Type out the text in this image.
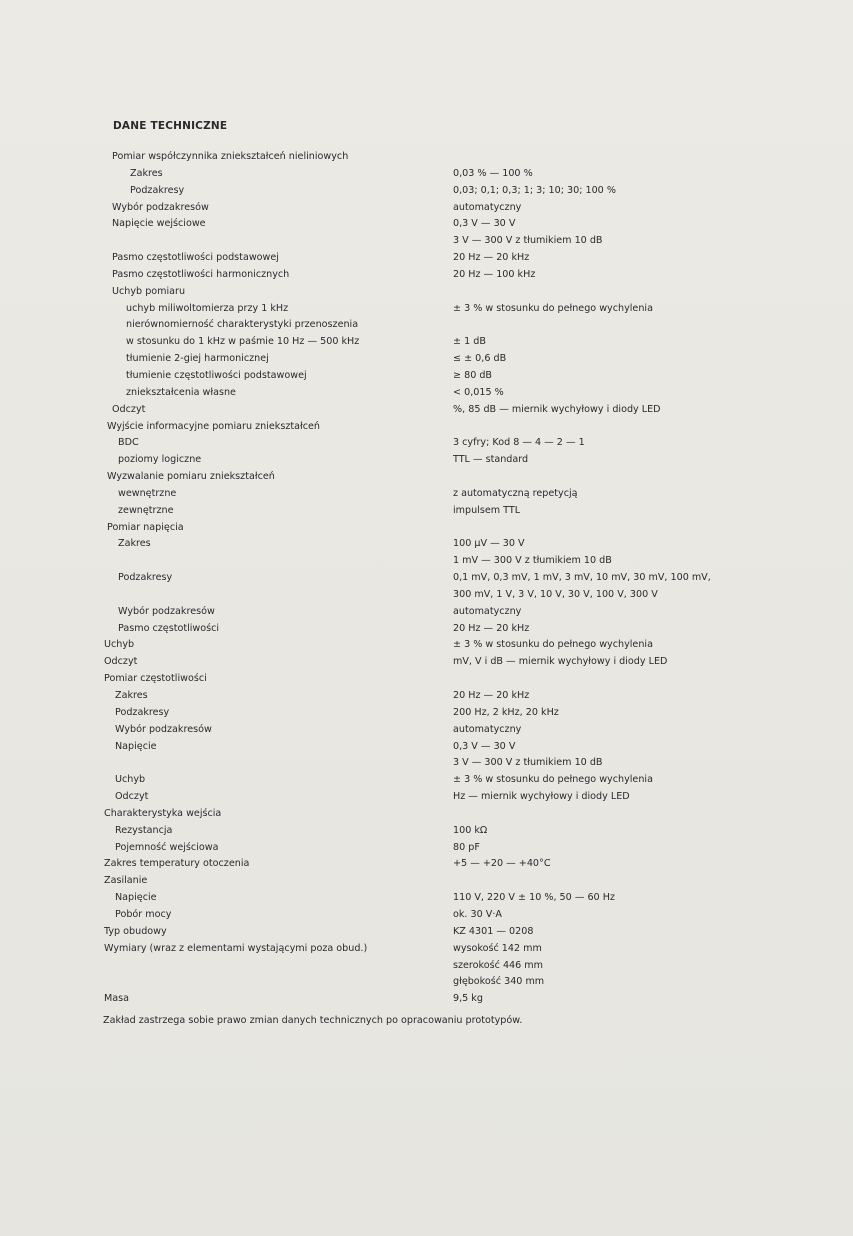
DANE TECHNICZNE
Pomiar współczynnika zniekształceń nieliniowych
Zakres	0,03 % — 100 %
Podzakresy	0,03; 0,1; 0,3; 1; 3; 10; 30; 100 %
Wybór podzakresów	automatyczny
Napięcie wejściowe	0,3 V — 30 V
3 V — 300 V z tłumikiem 10 dB
Pasmo częstotliwości podstawowej	20 Hz — 20 kHz
Pasmo częstotliwości harmonicznych	20 Hz — 100 kHz
Uchyb pomiaru
uchyb miliwoltomierza przy 1 kHz	± 3 % w stosunku do pełnego wychylenia
nierównomierność charakterystyki przenoszenia
w stosunku do 1 kHz w paśmie 10 Hz — 500 kHz	± 1 dB
tłumienie 2-giej harmonicznej	≤ ± 0,6 dB
tłumienie częstotliwości podstawowej	≥ 80 dB
zniekształcenia własne	< 0,015 %
Odczyt	%, 85 dB — miernik wychyłowy i diody LED
Wyjście informacyjne pomiaru zniekształceń
BDC	3 cyfry; Kod 8 — 4 — 2 — 1
poziomy logiczne	TTL — standard
Wyzwalanie pomiaru zniekształceń
wewnętrzne	z automatyczną repetycją
zewnętrzne	impulsem TTL
Pomiar napięcia
Zakres	100 µV — 30 V
1 mV — 300 V z tłumikiem 10 dB
Podzakresy	0,1 mV, 0,3 mV, 1 mV, 3 mV, 10 mV, 30 mV, 100 mV,
300 mV, 1 V, 3 V, 10 V, 30 V, 100 V, 300 V
Wybór podzakresów	automatyczny
Pasmo częstotliwości	20 Hz — 20 kHz
Uchyb	± 3 % w stosunku do pełnego wychylenia
Odczyt	mV, V i dB — miernik wychyłowy i diody LED
Pomiar częstotliwości
Zakres	20 Hz — 20 kHz
Podzakresy	200 Hz, 2 kHz, 20 kHz
Wybór podzakresów	automatyczny
Napięcie	0,3 V — 30 V
3 V — 300 V z tłumikiem 10 dB
Uchyb	± 3 % w stosunku do pełnego wychylenia
Odczyt	Hz — miernik wychyłowy i diody LED
Charakterystyka wejścia
Rezystancja	100 kΩ
Pojemność wejściowa	80 pF
Zakres temperatury otoczenia	+5 — +20 — +40°C
Zasilanie
Napięcie	110 V, 220 V ± 10 %, 50 — 60 Hz
Pobór mocy	ok. 30 V·A
Typ obudowy	KZ 4301 — 0208
Wymiary (wraz z elementami wystającymi poza obud.)	wysokość 142 mm
szerokość 446 mm
głębokość 340 mm
Masa	9,5 kg
Zakład zastrzega sobie prawo zmian danych technicznych po opracowaniu prototypów.
